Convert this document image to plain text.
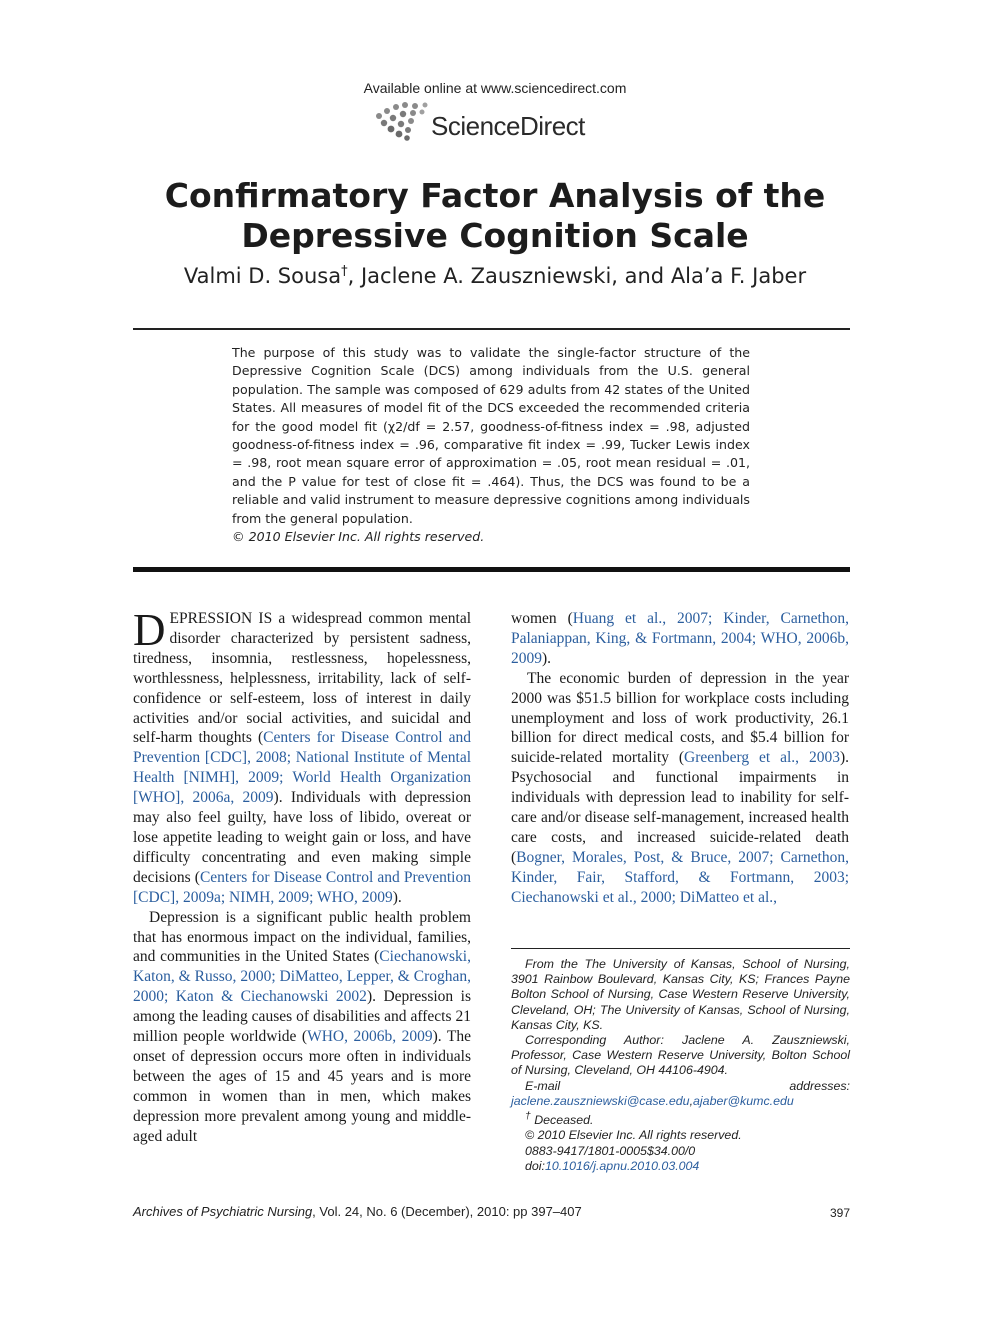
Available online at www.sciencedirect.com
ScienceDirect
Confirmatory Factor Analysis of the
Depressive Cognition Scale
Valmi D. Sousa†, Jaclene A. Zauszniewski, and Ala’a F. Jaber
The purpose of this study was to validate the single-factor structure of the Depressive Cognition Scale (DCS) among individuals from the U.S. general population. The sample was composed of 629 adults from 42 states of the United States. All measures of model fit of the DCS exceeded the recommended criteria for the good model fit (χ2/df = 2.57, goodness-of-fitness index = .98, adjusted goodness-of-fitness index = .96, comparative fit index = .99, Tucker Lewis index = .98, root mean square error of approximation = .05, root mean residual = .01, and the P value for test of close fit = .464). Thus, the DCS was found to be a reliable and valid instrument to measure depressive cognitions among individuals from the general population.
© 2010 Elsevier Inc. All rights reserved.

DEPRESSION IS a widespread common mental disorder characterized by persistent sadness, tiredness, insomnia, restlessness, hopelessness, worthlessness, helplessness, irritability, lack of self-confidence or self-esteem, loss of interest in daily activities and/or social activities, and suicidal and self-harm thoughts (Centers for Disease Control and Prevention [CDC], 2008; National Institute of Mental Health [NIMH], 2009; World Health Organization [WHO], 2006a, 2009). Individuals with depression may also feel guilty, have loss of libido, overeat or lose appetite leading to weight gain or loss, and have difficulty concentrating and even making simple decisions (Centers for Disease Control and Prevention [CDC], 2009a; NIMH, 2009; WHO, 2009).

Depression is a significant public health problem that has enormous impact on the individual, families, and communities in the United States (Ciechanowski, Katon, & Russo, 2000; DiMatteo, Lepper, & Croghan, 2000; Katon & Ciechanowski 2002). Depression is among the leading causes of disabilities and affects 21 million people worldwide (WHO, 2006b, 2009). The onset of depression occurs more often in individuals between the ages of 15 and 45 years and is more common in women than in men, which makes depression more prevalent among young and middle-aged adult

women (Huang et al., 2007; Kinder, Carnethon, Palaniappan, King, & Fortmann, 2004; WHO, 2006b, 2009).

The economic burden of depression in the year 2000 was $51.5 billion for workplace costs including unemployment and loss of work productivity, 26.1 billion for direct medical costs, and $5.4 billion for suicide-related mortality (Greenberg et al., 2003). Psychosocial and functional impairments in individuals with depression lead to inability for self-care and/or disease self-management, increased health care costs, and increased suicide-related death (Bogner, Morales, Post, & Bruce, 2007; Carnethon, Kinder, Fair, Stafford, & Fortmann, 2003; Ciechanowski et al., 2000; DiMatteo et al.,

From the The University of Kansas, School of Nursing, 3901 Rainbow Boulevard, Kansas City, KS; Frances Payne Bolton School of Nursing, Case Western Reserve University, Cleveland, OH; The University of Kansas, School of Nursing, Kansas City, KS.
Corresponding Author: Jaclene A. Zauszniewski, Professor, Case Western Reserve University, Bolton School of Nursing, Cleveland, OH 44106-4904.
E-mail addresses: jaclene.zauszniewski@case.edu,ajaber@kumc.edu
† Deceased.
© 2010 Elsevier Inc. All rights reserved.
0883-9417/1801-0005$34.00/0
doi:10.1016/j.apnu.2010.03.004
Archives of Psychiatric Nursing, Vol. 24, No. 6 (December), 2010: pp 397–407	397
